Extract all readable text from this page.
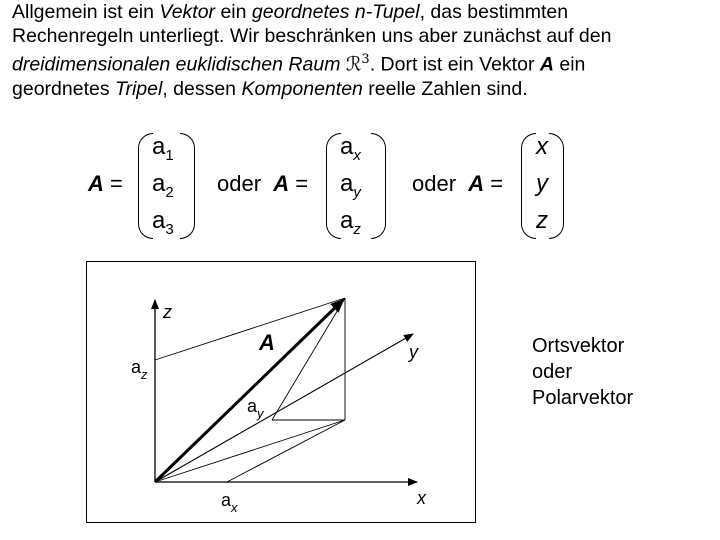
Allgemein ist ein Vektor ein geordnetes n-Tupel, das bestimmten
Rechenregeln unterliegt. Wir beschränken uns aber zunächst auf den
dreidimensionalen euklidischen Raum ℛ$^3$. Dort ist ein Vektor A ein
geordnetes Tripel, dessen Komponenten reelle Zahlen sind.

A =
$a_1$
$a_2$
$a_3$
oder A =
$a_x$
$a_y$
$a_z$
oder A =
x
y
z
A
z
y
x
$a_z$
$a_y$
$a_x$
Ortsvektor
oder
Polarvektor
